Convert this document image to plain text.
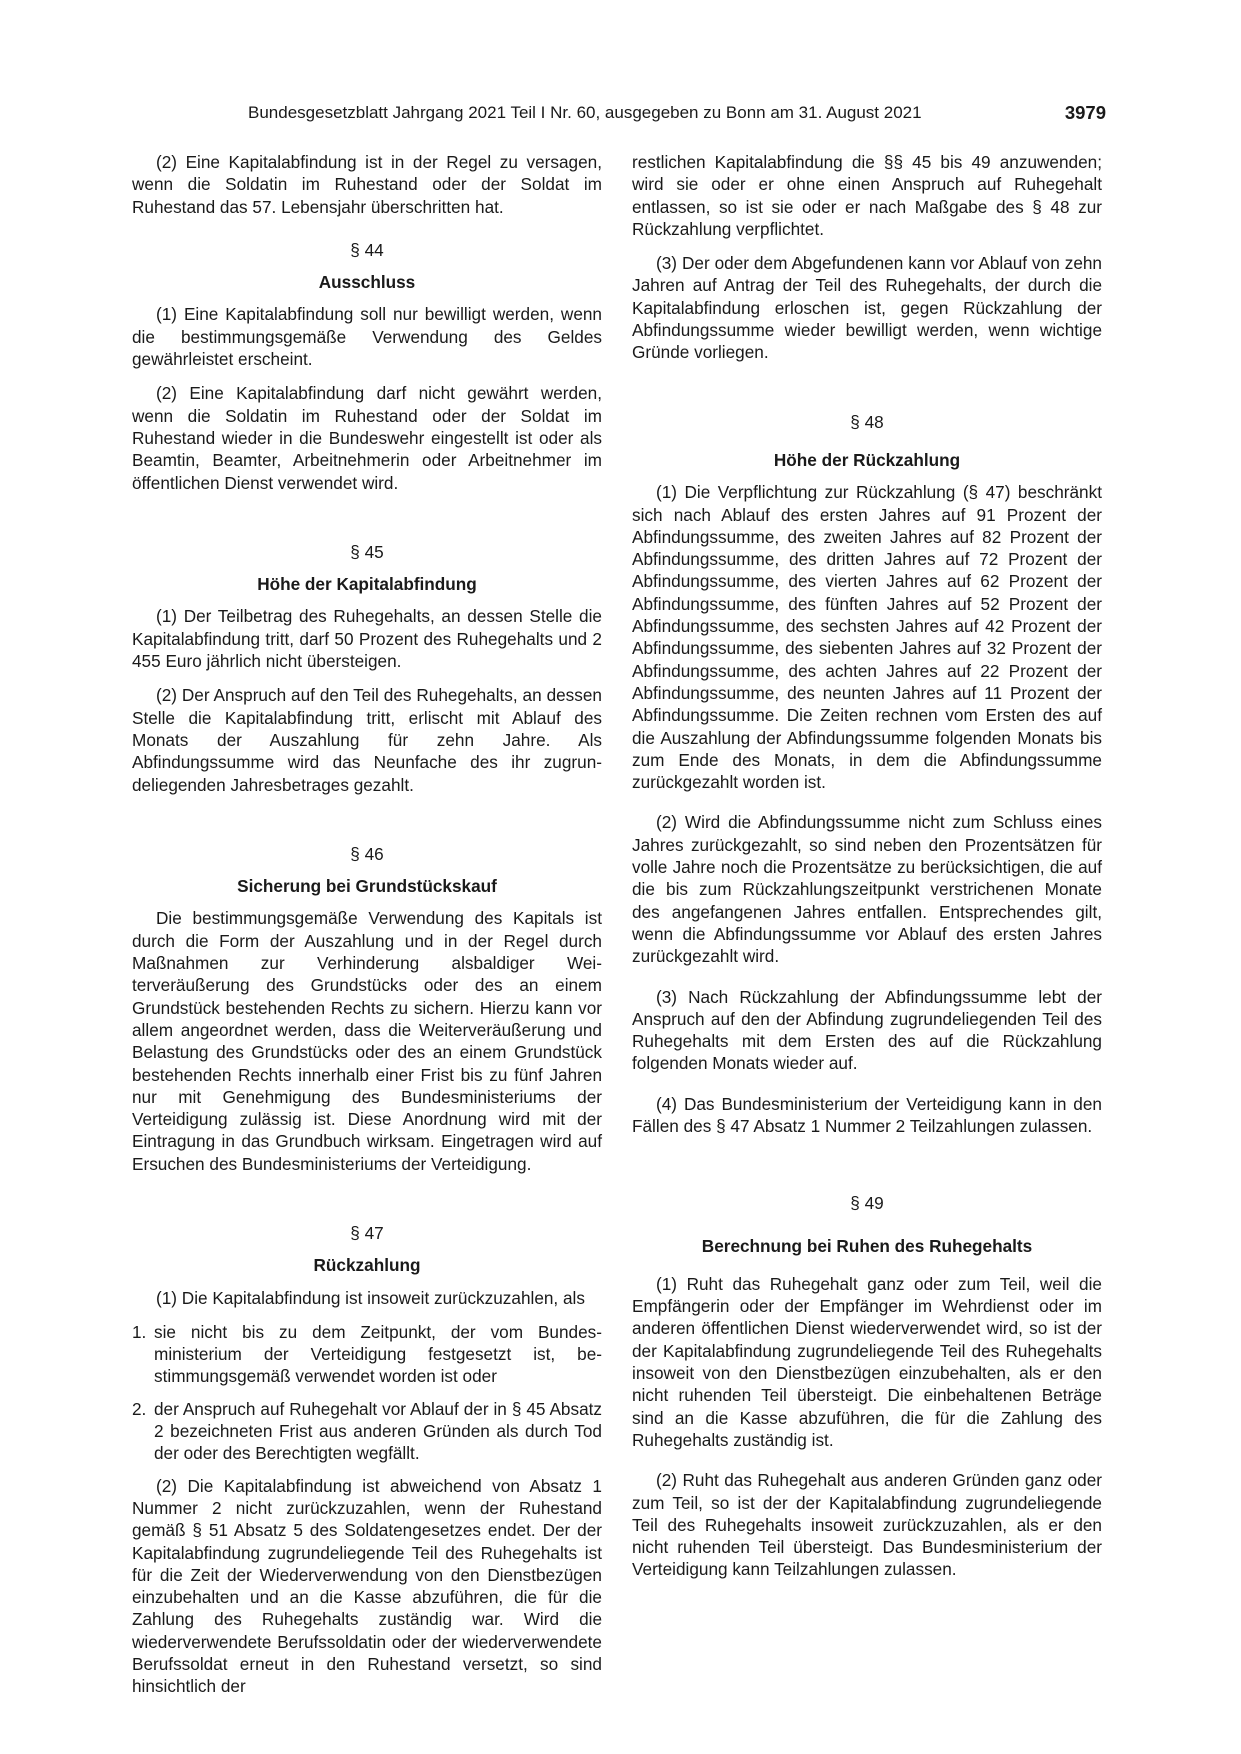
Bundesgesetzblatt Jahrgang 2021 Teil I Nr. 60, ausgegeben zu Bonn am 31. August 2021	3979

(2) Eine Kapitalabfindung ist in der Regel zu versagen, wenn die Soldatin im Ruhestand oder der Soldat im Ruhestand das 57. Lebensjahr überschritten hat.

§ 44
Ausschluss

(1) Eine Kapitalabfindung soll nur bewilligt werden, wenn die bestimmungsgemäße Verwendung des Geldes gewährleistet erscheint.

(2) Eine Kapitalabfindung darf nicht gewährt werden, wenn die Soldatin im Ruhestand oder der Soldat im Ruhestand wieder in die Bundeswehr eingestellt ist oder als Beamtin, Beamter, Arbeitnehmerin oder Arbeitnehmer im öffentlichen Dienst verwendet wird.

§ 45
Höhe der Kapitalabfindung

(1) Der Teilbetrag des Ruhegehalts, an dessen Stelle die Kapitalabfindung tritt, darf 50 Prozent des Ruhegehalts und 2 455 Euro jährlich nicht übersteigen.

(2) Der Anspruch auf den Teil des Ruhegehalts, an dessen Stelle die Kapitalabfindung tritt, erlischt mit Ablauf des Monats der Auszahlung für zehn Jahre. Als Abfindungssumme wird das Neunfache des ihr zugrundeliegenden Jahresbetrages gezahlt.

§ 46
Sicherung bei Grundstückskauf

Die bestimmungsgemäße Verwendung des Kapitals ist durch die Form der Auszahlung und in der Regel durch Maßnahmen zur Verhinderung alsbaldiger Weiterveräußerung des Grundstücks oder des an einem Grundstück bestehenden Rechts zu sichern. Hierzu kann vor allem angeordnet werden, dass die Weiterveräußerung und Belastung des Grundstücks oder des an einem Grundstück bestehenden Rechts innerhalb einer Frist bis zu fünf Jahren nur mit Genehmigung des Bundesministeriums der Verteidigung zulässig ist. Diese Anordnung wird mit der Eintragung in das Grundbuch wirksam. Eingetragen wird auf Ersuchen des Bundesministeriums der Verteidigung.

§ 47
Rückzahlung

(1) Die Kapitalabfindung ist insoweit zurückzuzahlen, als

1. sie nicht bis zu dem Zeitpunkt, der vom Bundesministerium der Verteidigung festgesetzt ist, bestimmungsgemäß verwendet worden ist oder
2. der Anspruch auf Ruhegehalt vor Ablauf der in § 45 Absatz 2 bezeichneten Frist aus anderen Gründen als durch Tod der oder des Berechtigten wegfällt.

(2) Die Kapitalabfindung ist abweichend von Absatz 1 Nummer 2 nicht zurückzuzahlen, wenn der Ruhestand gemäß § 51 Absatz 5 des Soldatengesetzes endet. Der der Kapitalabfindung zugrundeliegende Teil des Ruhegehalts ist für die Zeit der Wiederverwendung von den Dienstbezügen einzubehalten und an die Kasse abzuführen, die für die Zahlung des Ruhegehalts zuständig war. Wird die wiederverwendete Berufssoldatin oder der wiederverwendete Berufssoldat erneut in den Ruhestand versetzt, so sind hinsichtlich der

restlichen Kapitalabfindung die §§ 45 bis 49 anzuwenden; wird sie oder er ohne einen Anspruch auf Ruhegehalt entlassen, so ist sie oder er nach Maßgabe des § 48 zur Rückzahlung verpflichtet.

(3) Der oder dem Abgefundenen kann vor Ablauf von zehn Jahren auf Antrag der Teil des Ruhegehalts, der durch die Kapitalabfindung erloschen ist, gegen Rückzahlung der Abfindungssumme wieder bewilligt werden, wenn wichtige Gründe vorliegen.

§ 48
Höhe der Rückzahlung

(1) Die Verpflichtung zur Rückzahlung (§ 47) beschränkt sich nach Ablauf des ersten Jahres auf 91 Prozent der Abfindungssumme, des zweiten Jahres auf 82 Prozent der Abfindungssumme, des dritten Jahres auf 72 Prozent der Abfindungssumme, des vierten Jahres auf 62 Prozent der Abfindungssumme, des fünften Jahres auf 52 Prozent der Abfindungssumme, des sechsten Jahres auf 42 Prozent der Abfindungssumme, des siebenten Jahres auf 32 Prozent der Abfindungssumme, des achten Jahres auf 22 Prozent der Abfindungssumme, des neunten Jahres auf 11 Prozent der Abfindungssumme. Die Zeiten rechnen vom Ersten des auf die Auszahlung der Abfindungssumme folgenden Monats bis zum Ende des Monats, in dem die Abfindungssumme zurückgezahlt worden ist.

(2) Wird die Abfindungssumme nicht zum Schluss eines Jahres zurückgezahlt, so sind neben den Prozentsätzen für volle Jahre noch die Prozentsätze zu berücksichtigen, die auf die bis zum Rückzahlungszeitpunkt verstrichenen Monate des angefangenen Jahres entfallen. Entsprechendes gilt, wenn die Abfindungssumme vor Ablauf des ersten Jahres zurückgezahlt wird.

(3) Nach Rückzahlung der Abfindungssumme lebt der Anspruch auf den der Abfindung zugrundeliegenden Teil des Ruhegehalts mit dem Ersten des auf die Rückzahlung folgenden Monats wieder auf.

(4) Das Bundesministerium der Verteidigung kann in den Fällen des § 47 Absatz 1 Nummer 2 Teilzahlungen zulassen.

§ 49
Berechnung bei Ruhen des Ruhegehalts

(1) Ruht das Ruhegehalt ganz oder zum Teil, weil die Empfängerin oder der Empfänger im Wehrdienst oder im anderen öffentlichen Dienst wiederverwendet wird, so ist der der Kapitalabfindung zugrundeliegende Teil des Ruhegehalts insoweit von den Dienstbezügen einzubehalten, als er den nicht ruhenden Teil übersteigt. Die einbehaltenen Beträge sind an die Kasse abzuführen, die für die Zahlung des Ruhegehalts zuständig ist.

(2) Ruht das Ruhegehalt aus anderen Gründen ganz oder zum Teil, so ist der der Kapitalabfindung zugrundeliegende Teil des Ruhegehalts insoweit zurückzuzahlen, als er den nicht ruhenden Teil übersteigt. Das Bundesministerium der Verteidigung kann Teilzahlungen zulassen.
